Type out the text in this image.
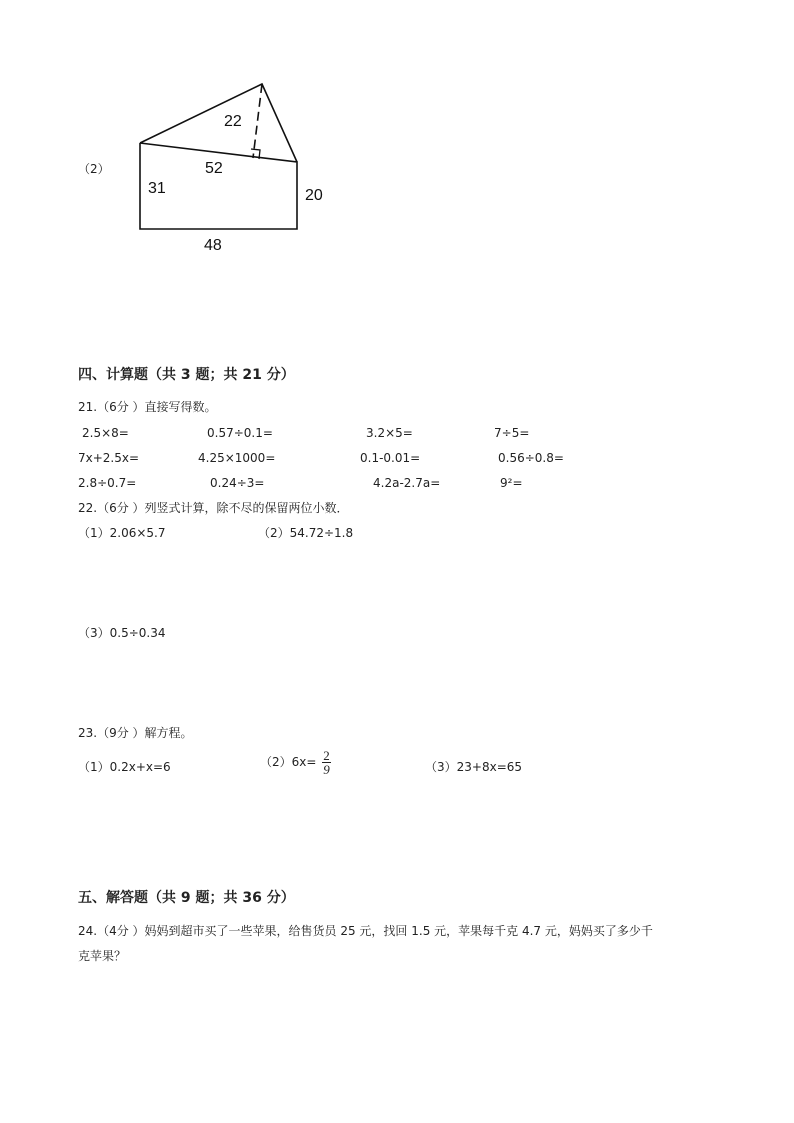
（2）
22
52
31	20
48
四、计算题（共 3 题；共 21 分）
21.（6分 ）直接写得数。
2.5×8=	0.57÷0.1=	3.2×5=	7÷5=
7x+2.5x=	4.25×1000=	0.1-0.01=	0.56÷0.8=
2.8÷0.7=	0.24÷3=	4.2a-2.7a=	9²=
22.（6分 ）列竖式计算，除不尽的保留两位小数．
（1）2.06×5.7	（2）54.72÷1.8
（3）0.5÷0.34
23.（9分 ）解方程。
（1）0.2x+x=6	$(2)6x= \frac{2}{9}$	（3）23+8x=65
五、解答题（共 9 题；共 36 分）
24.（4分 ）妈妈到超市买了一些苹果，给售货员 25 元，找回 1.5 元，苹果每千克 4.7 元，妈妈买了多少千
克苹果？
